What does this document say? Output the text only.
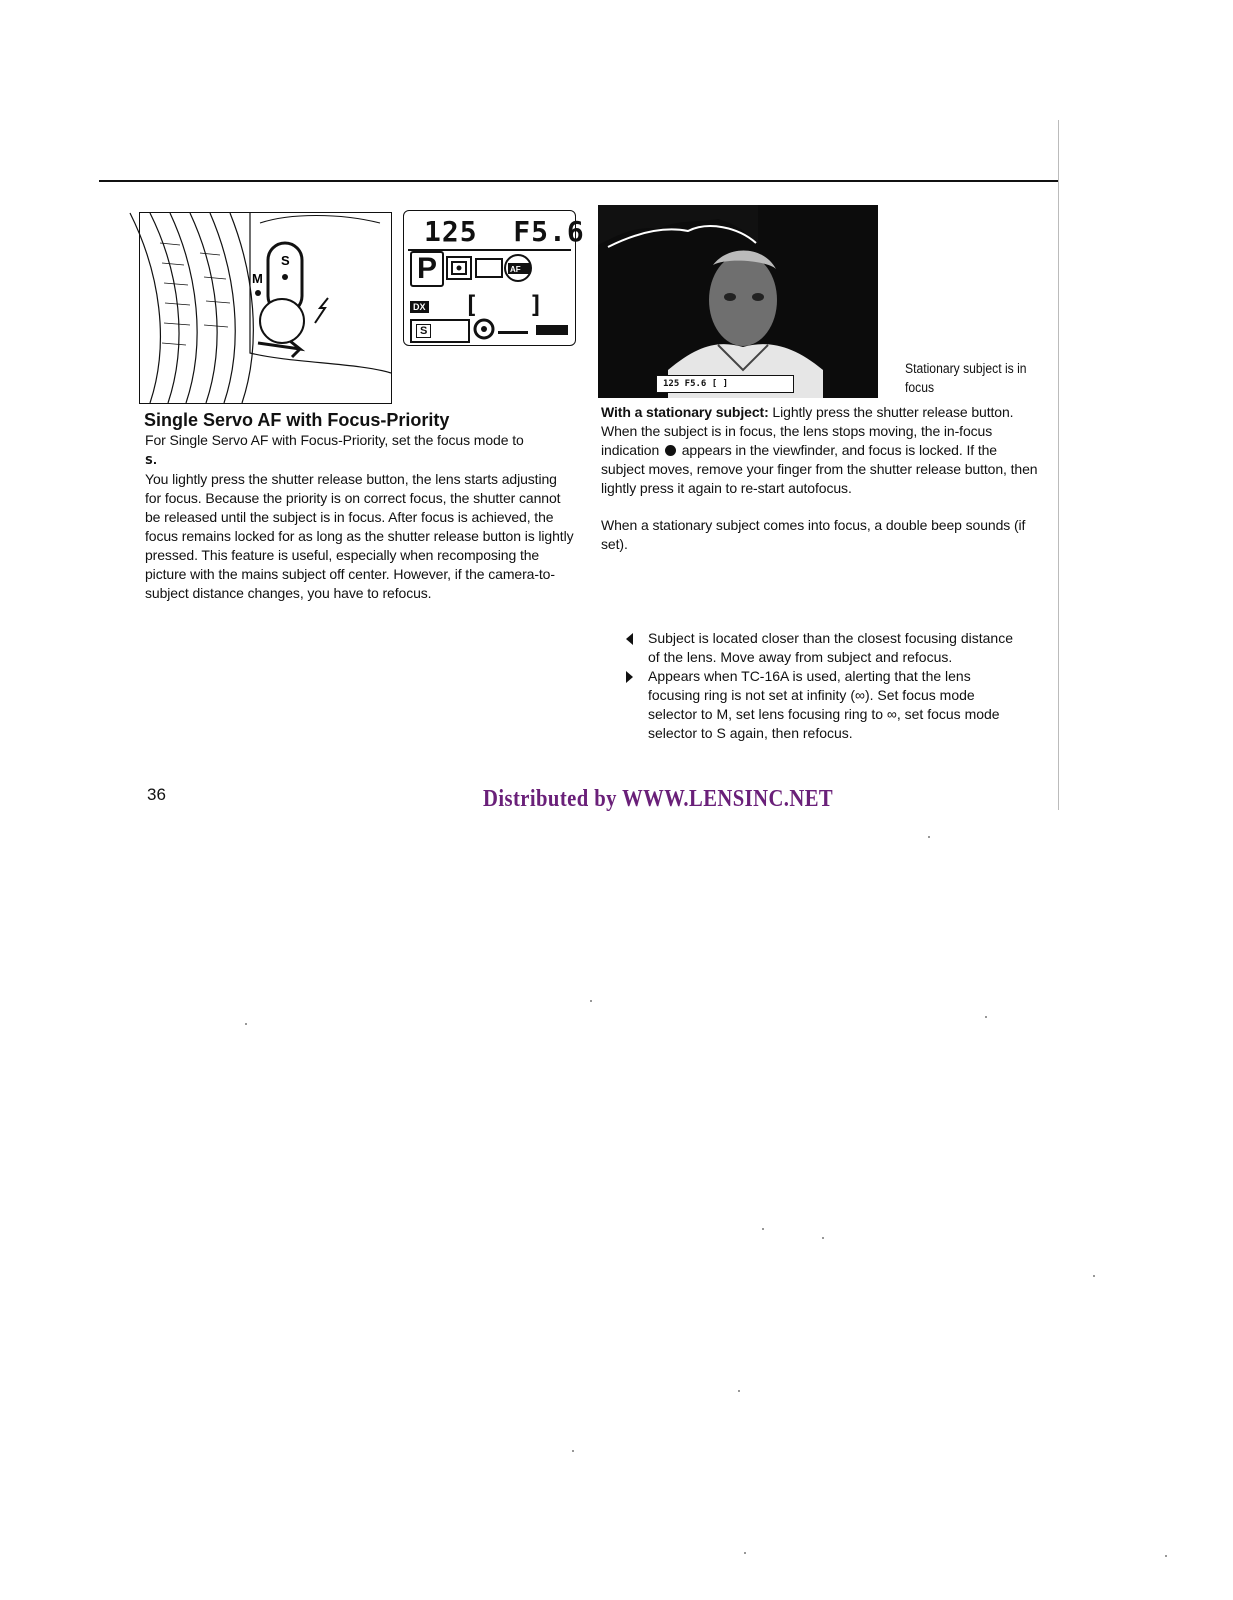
S
M
125 F5.6
P	AF
DX [ ]
S
125 F5.6 [ ]
Stationary subject is in focus
Single Servo AF with Focus-Priority
For Single Servo AF with Focus-Priority, set the focus mode to
S.
You lightly press the shutter release button, the lens starts adjusting for focus. Because the priority is on correct focus, the shutter cannot be released until the subject is in focus. After focus is achieved, the focus remains locked for as long as the shutter release button is lightly pressed. This feature is useful, especially when recomposing the picture with the mains subject off center. However, if the camera-to-subject distance changes, you have to refocus.
With a stationary subject: Lightly press the shutter release button. When the subject is in focus, the lens stops moving, the in-focus indication  appears in the viewfinder, and focus is locked. If the subject moves, remove your finger from the shutter release button, then lightly press it again to re-start autofocus.
When a stationary subject comes into focus, a double beep sounds (if set).
Subject is located closer than the closest focusing distance of the lens. Move away from subject and refocus.
Appears when TC-16A is used, alerting that the lens focusing ring is not set at infinity (∞). Set focus mode selector to M, set lens focusing ring to ∞, set focus mode selector to S again, then refocus.
36	Distributed by WWW.LENSINC.NET
